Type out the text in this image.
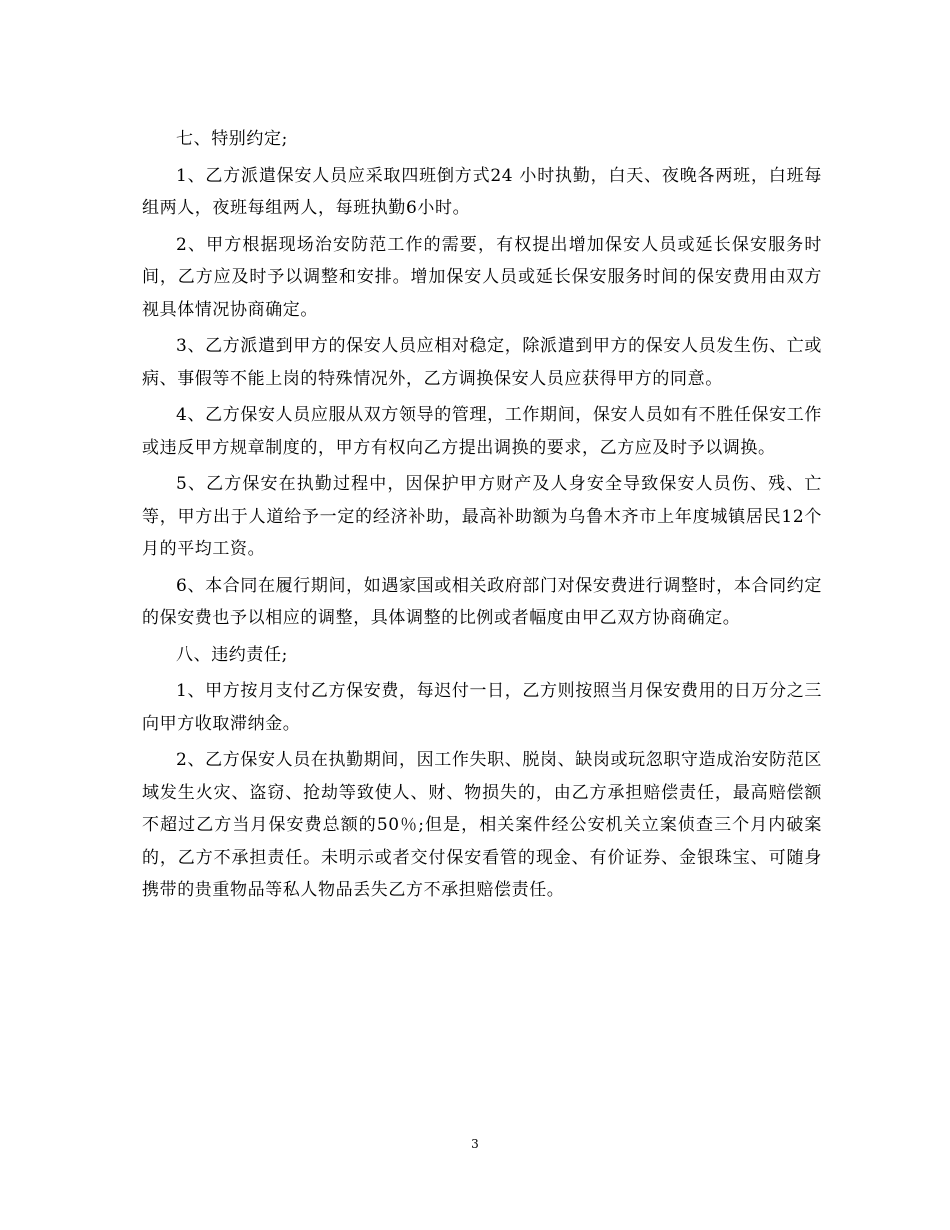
七、特别约定;

1、乙方派遣保安人员应采取四班倒方式24 小时执勤，白天、夜晚各两班，白班每组两人，夜班每组两人，每班执勤6小时。

2、甲方根据现场治安防范工作的需要，有权提出增加保安人员或延长保安服务时间，乙方应及时予以调整和安排。增加保安人员或延长保安服务时间的保安费用由双方视具体情况协商确定。

3、乙方派遣到甲方的保安人员应相对稳定，除派遣到甲方的保安人员发生伤、亡或病、事假等不能上岗的特殊情况外，乙方调换保安人员应获得甲方的同意。

4、乙方保安人员应服从双方领导的管理，工作期间，保安人员如有不胜任保安工作或违反甲方规章制度的，甲方有权向乙方提出调换的要求，乙方应及时予以调换。

5、乙方保安在执勤过程中，因保护甲方财产及人身安全导致保安人员伤、残、亡等，甲方出于人道给予一定的经济补助，最高补助额为乌鲁木齐市上年度城镇居民12个月的平均工资。

6、本合同在履行期间，如遇家国或相关政府部门对保安费进行调整时，本合同约定的保安费也予以相应的调整，具体调整的比例或者幅度由甲乙双方协商确定。

八、违约责任;

1、甲方按月支付乙方保安费，每迟付一日，乙方则按照当月保安费用的日万分之三向甲方收取滞纳金。

2、乙方保安人员在执勤期间，因工作失职、脱岗、缺岗或玩忽职守造成治安防范区域发生火灾、盗窃、抢劫等致使人、财、物损失的，由乙方承担赔偿责任，最高赔偿额不超过乙方当月保安费总额的50％;但是，相关案件经公安机关立案侦查三个月内破案的，乙方不承担责任。未明示或者交付保安看管的现金、有价证券、金银珠宝、可随身携带的贵重物品等私人物品丢失乙方不承担赔偿责任。

3
